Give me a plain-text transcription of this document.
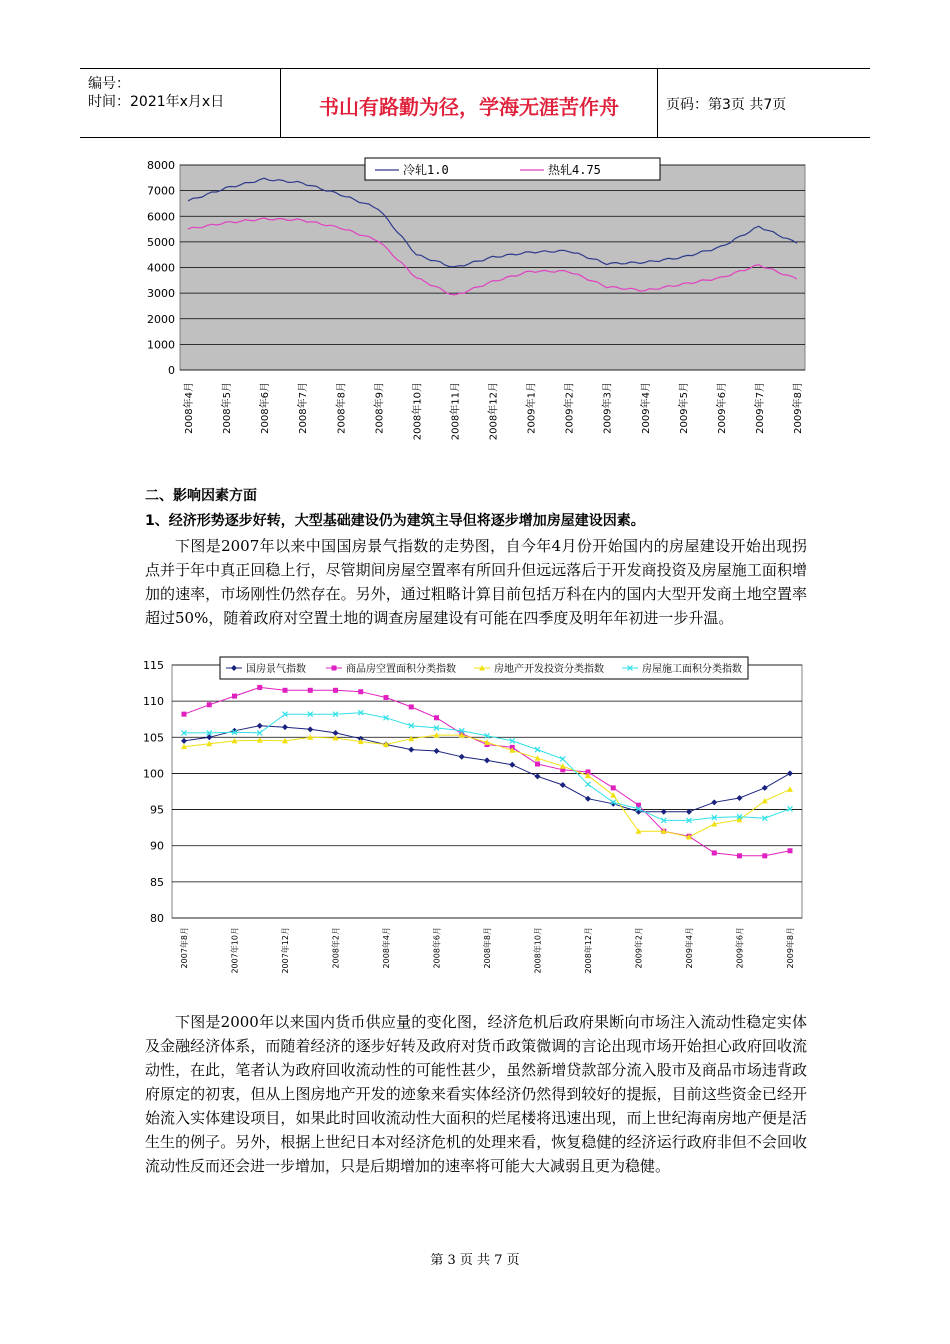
编号：
时间：2021年x月x日	书山有路勤为径，学海无涯苦作舟	页码：第3页 共7页
0
1000
2000
3000
4000
5000
6000
7000
8000
2008年4月	2008年5月	2008年6月	2008年7月	2008年8月	2008年9月	2008年10月	2008年11月	2008年12月	2009年1月	2009年2月	2009年3月	2009年4月	2009年5月	2009年6月	2009年7月	2009年8月
冷轧1.0	热轧4.75
二、影响因素方面
1、经济形势逐步好转，大型基础建设仍为建筑主导但将逐步增加房屋建设因素。

下图是2007年以来中国国房景气指数的走势图，自今年4月份开始国内的房屋建设开始出现拐点并于年中真正回稳上行，尽管期间房屋空置率有所回升但远远落后于开发商投资及房屋施工面积增加的速率，市场刚性仍然存在。另外，通过粗略计算目前包括万科在内的国内大型开发商土地空置率超过50%，随着政府对空置土地的调查房屋建设有可能在四季度及明年年初进一步升温。

80
85
90
95
100
105
110
115
2007年8月	2007年10月	2007年12月	2008年2月	2008年4月	2008年6月	2008年8月	2008年10月	2008年12月	2009年2月	2009年4月	2009年6月	2009年8月
国房景气指数	商品房空置面积分类指数	房地产开发投资分类指数	房屋施工面积分类指数

下图是2000年以来国内货币供应量的变化图，经济危机后政府果断向市场注入流动性稳定实体及金融经济体系，而随着经济的逐步好转及政府对货币政策微调的言论出现市场开始担心政府回收流动性，在此，笔者认为政府回收流动性的可能性甚少，虽然新增贷款部分流入股市及商品市场违背政府原定的初衷，但从上图房地产开发的迹象来看实体经济仍然得到较好的提振，目前这些资金已经开始流入实体建设项目，如果此时回收流动性大面积的烂尾楼将迅速出现，而上世纪海南房地产便是活生生的例子。另外，根据上世纪日本对经济危机的处理来看，恢复稳健的经济运行政府非但不会回收流动性反而还会进一步增加，只是后期增加的速率将可能大大减弱且更为稳健。

第 3 页 共 7 页
